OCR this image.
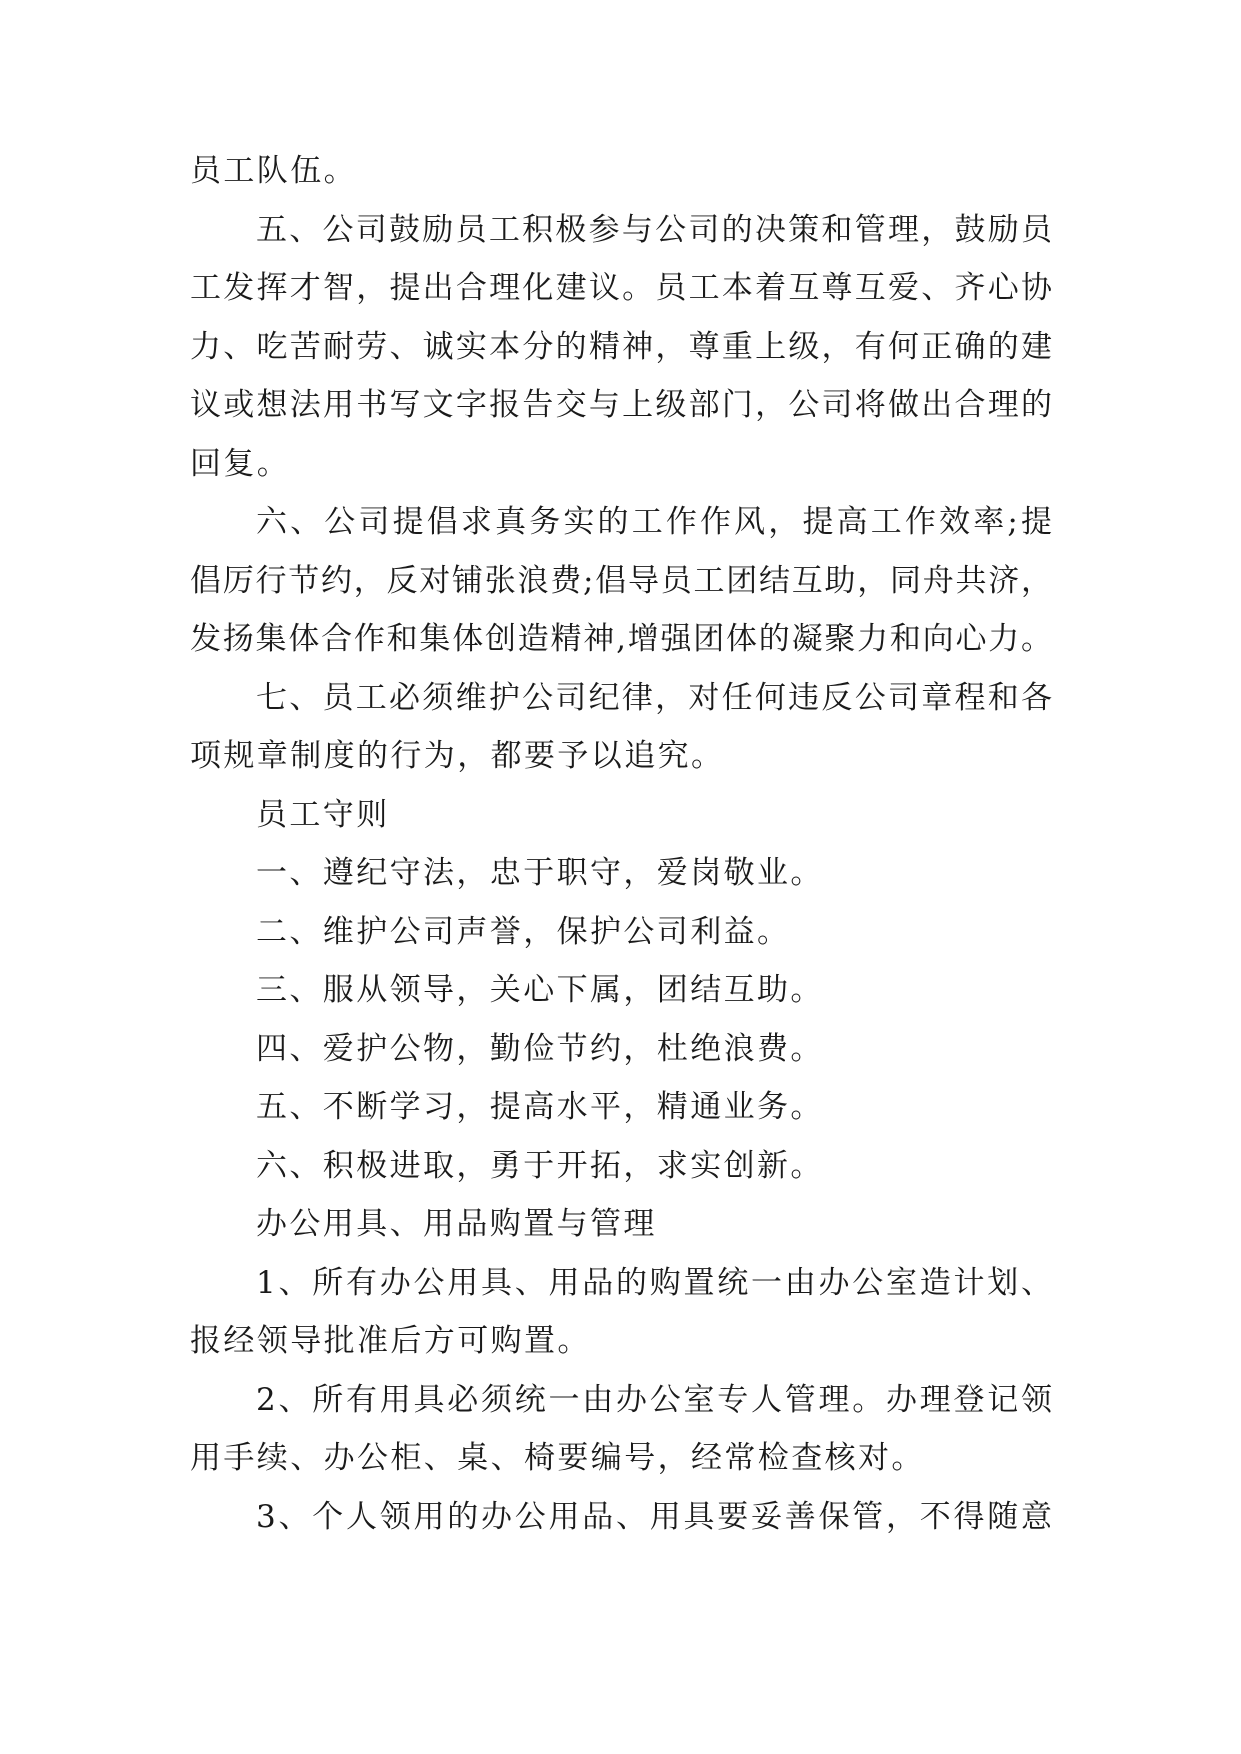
员工队伍。
五、公司鼓励员工积极参与公司的决策和管理，鼓励员
工发挥才智，提出合理化建议。员工本着互尊互爱、齐心协
力、吃苦耐劳、诚实本分的精神，尊重上级，有何正确的建
议或想法用书写文字报告交与上级部门，公司将做出合理的
回复。
六、公司提倡求真务实的工作作风，提高工作效率;提
倡厉行节约，反对铺张浪费;倡导员工团结互助，同舟共济，
发扬集体合作和集体创造精神,增强团体的凝聚力和向心力。
七、员工必须维护公司纪律，对任何违反公司章程和各
项规章制度的行为，都要予以追究。
员工守则
一、遵纪守法，忠于职守，爱岗敬业。
二、维护公司声誉，保护公司利益。
三、服从领导，关心下属，团结互助。
四、爱护公物，勤俭节约，杜绝浪费。
五、不断学习，提高水平，精通业务。
六、积极进取，勇于开拓，求实创新。
办公用具、用品购置与管理
1、所有办公用具、用品的购置统一由办公室造计划、
报经领导批准后方可购置。
2、所有用具必须统一由办公室专人管理。办理登记领
用手续、办公柜、桌、椅要编号，经常检查核对。
3、个人领用的办公用品、用具要妥善保管，不得随意
